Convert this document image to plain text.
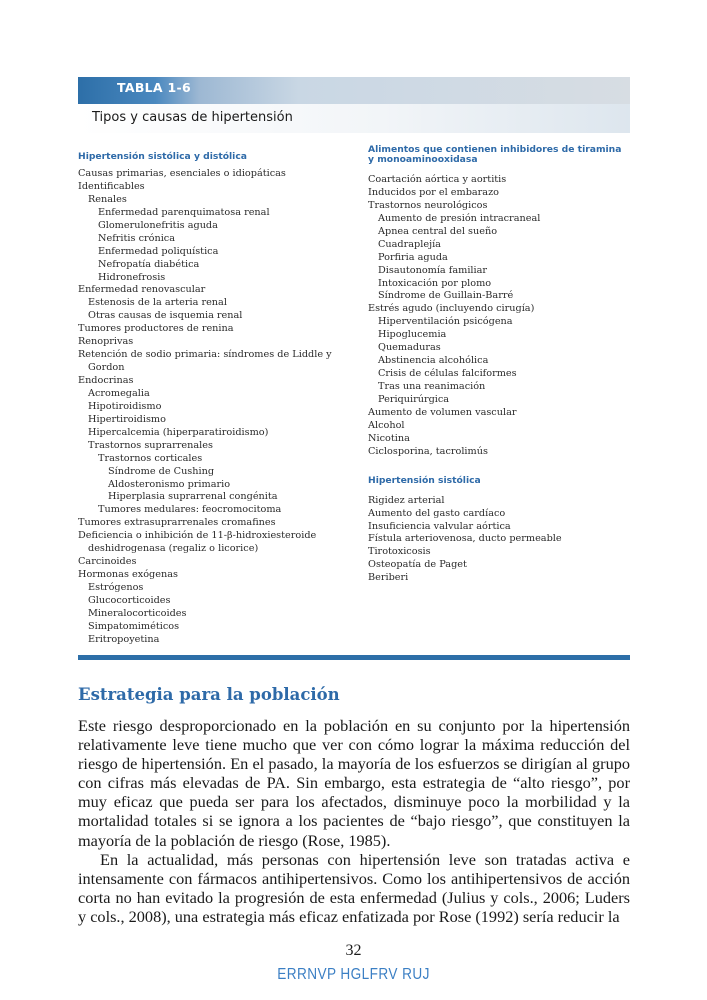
TABLA 1-6
Tipos y causas de hipertensión
Hipertensión sistólica y distólica
Causas primarias, esenciales o idiopáticas
Identificables
Renales
Enfermedad parenquimatosa renal
Glomerulonefritis aguda
Nefritis crónica
Enfermedad poliquística
Nefropatía diabética
Hidronefrosis
Enfermedad renovascular
Estenosis de la arteria renal
Otras causas de isquemia renal
Tumores productores de renina
Renoprivas
Retención de sodio primaria: síndromes de Liddle y
Gordon
Endocrinas
Acromegalia
Hipotiroidismo
Hipertiroidismo
Hipercalcemia (hiperparatiroidismo)
Trastornos suprarrenales
Trastornos corticales
Síndrome de Cushing
Aldosteronismo primario
Hiperplasia suprarrenal congénita
Tumores medulares: feocromocitoma
Tumores extrasuprarrenales cromafines
Deficiencia o inhibición de 11-β-hidroxiesteroide
deshidrogenasa (regaliz o licorice)
Carcinoides
Hormonas exógenas
Estrógenos
Glucocorticoides
Mineralocorticoides
Simpatomiméticos
Eritropoyetina
Alimentos que contienen inhibidores de tiramina y monoaminooxidasa
Coartación aórtica y aortitis
Inducidos por el embarazo
Trastornos neurológicos
Aumento de presión intracraneal
Apnea central del sueño
Cuadraplejía
Porfiria aguda
Disautonomía familiar
Intoxicación por plomo
Síndrome de Guillain-Barré
Estrés agudo (incluyendo cirugía)
Hiperventilación psicógena
Hipoglucemia
Quemaduras
Abstinencia alcohólica
Crisis de células falciformes
Tras una reanimación
Periquirúrgica
Aumento de volumen vascular
Alcohol
Nicotina
Ciclosporina, tacrolimús
Hipertensión sistólica
Rigidez arterial
Aumento del gasto cardíaco
Insuficiencia valvular aórtica
Fístula arteriovenosa, ducto permeable
Tirotoxicosis
Osteopatía de Paget
Beriberi
Estrategia para la población

Este riesgo desproporcionado en la población en su conjunto por la hipertensión relativamente leve tiene mucho que ver con cómo lograr la máxima reducción del riesgo de hipertensión. En el pasado, la mayoría de los esfuerzos se dirigían al grupo con cifras más elevadas de PA. Sin embargo, esta estrategia de “alto riesgo”, por muy eficaz que pueda ser para los afectados, disminuye poco la morbilidad y la mortalidad totales si se ignora a los pacientes de “bajo riesgo”, que constituyen la mayoría de la población de riesgo (Rose, 1985).

En la actualidad, más personas con hipertensión leve son tratadas activa e intensamente con fármacos antihipertensivos. Como los antihipertensivos de acción corta no han evitado la progresión de esta enfermedad (Julius y cols., 2006; Luders y cols., 2008), una estrategia más eficaz enfatizada por Rose (1992) sería reducir la

32
ERRNVP HGLFRV RUJ
